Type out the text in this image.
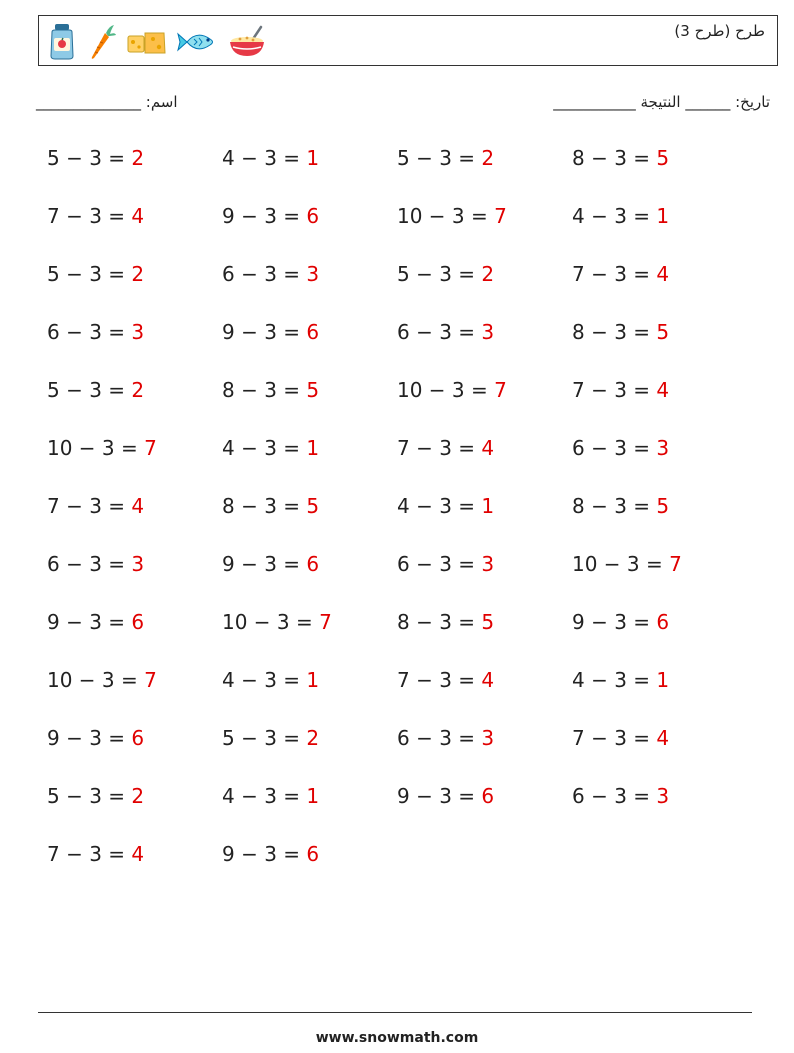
طرح (طرح 3)
اسم: ______________	تاريخ: ______ النتيجة ___________
5 − 3 = 2	4 − 3 = 1	5 − 3 = 2	8 − 3 = 5
7 − 3 = 4	9 − 3 = 6	10 − 3 = 7	4 − 3 = 1
5 − 3 = 2	6 − 3 = 3	5 − 3 = 2	7 − 3 = 4
6 − 3 = 3	9 − 3 = 6	6 − 3 = 3	8 − 3 = 5
5 − 3 = 2	8 − 3 = 5	10 − 3 = 7	7 − 3 = 4
10 − 3 = 7	4 − 3 = 1	7 − 3 = 4	6 − 3 = 3
7 − 3 = 4	8 − 3 = 5	4 − 3 = 1	8 − 3 = 5
6 − 3 = 3	9 − 3 = 6	6 − 3 = 3	10 − 3 = 7
9 − 3 = 6	10 − 3 = 7	8 − 3 = 5	9 − 3 = 6
10 − 3 = 7	4 − 3 = 1	7 − 3 = 4	4 − 3 = 1
9 − 3 = 6	5 − 3 = 2	6 − 3 = 3	7 − 3 = 4
5 − 3 = 2	4 − 3 = 1	9 − 3 = 6	6 − 3 = 3
7 − 3 = 4	9 − 3 = 6
www.snowmath.com
